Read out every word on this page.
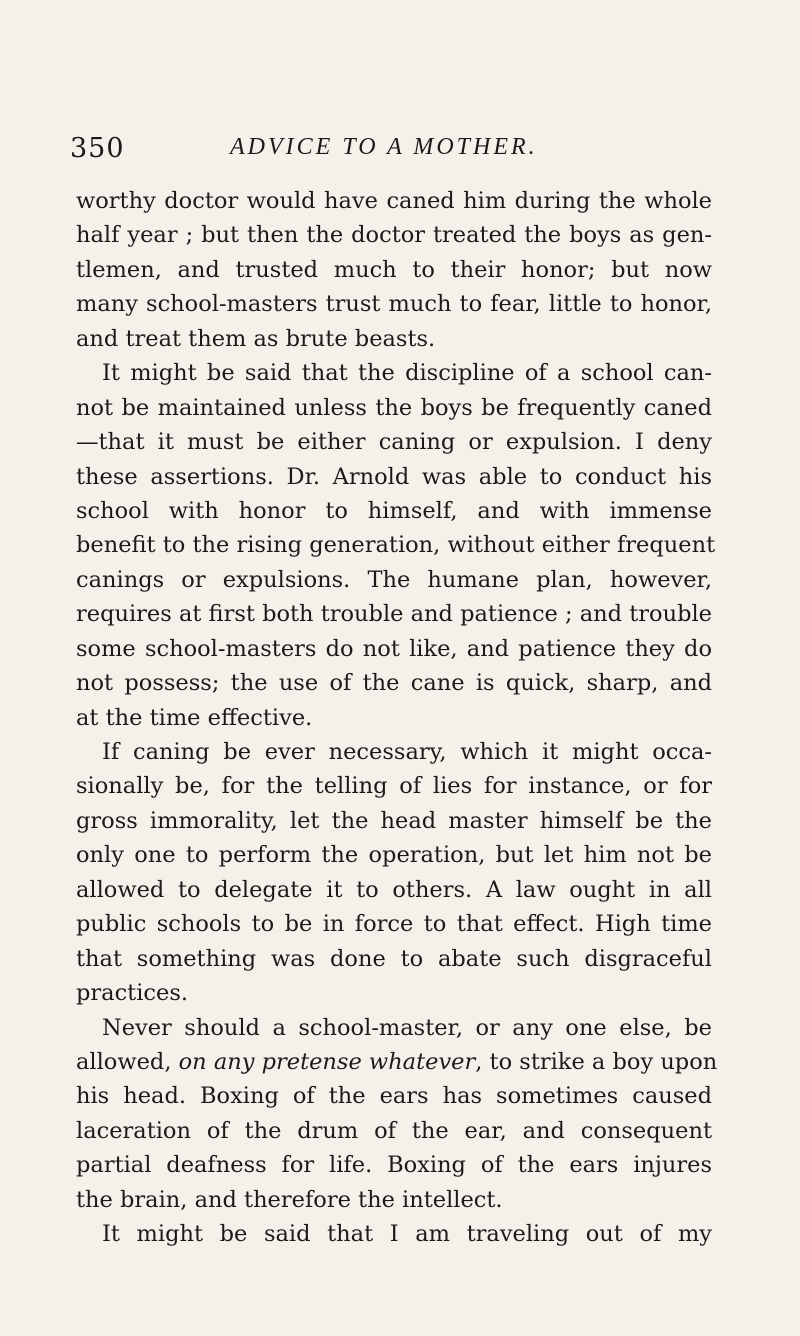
350	ADVICE TO A MOTHER.
worthy doctor would have caned him during the whole
half year ; but then the doctor treated the boys as gen-
tlemen, and trusted much to their honor; but now
many school-masters trust much to fear, little to honor,
and treat them as brute beasts.
It might be said that the discipline of a school can-
not be maintained unless the boys be frequently caned
—that it must be either caning or expulsion. I deny
these assertions. Dr. Arnold was able to conduct his
school with honor to himself, and with immense
benefit to the rising generation, without either frequent
canings or expulsions. The humane plan, however,
requires at first both trouble and patience ; and trouble
some school-masters do not like, and patience they do
not possess; the use of the cane is quick, sharp, and
at the time effective.
If caning be ever necessary, which it might occa-
sionally be, for the telling of lies for instance, or for
gross immorality, let the head master himself be the
only one to perform the operation, but let him not be
allowed to delegate it to others. A law ought in all
public schools to be in force to that effect. High time
that something was done to abate such disgraceful
practices.
Never should a school-master, or any one else, be
allowed, on any pretense whatever, to strike a boy upon
his head. Boxing of the ears has sometimes caused
laceration of the drum of the ear, and consequent
partial deafness for life. Boxing of the ears injures
the brain, and therefore the intellect.
It might be said that I am traveling out of my
